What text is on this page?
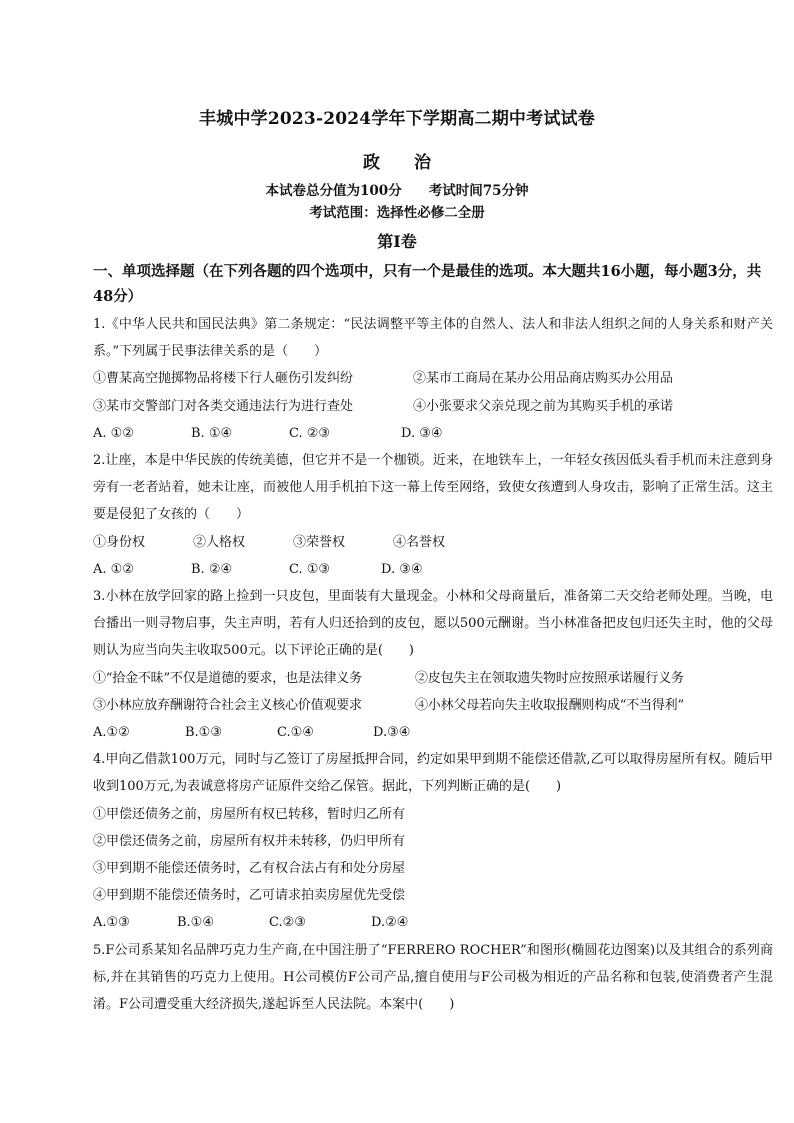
丰城中学2023-2024学年下学期高二期中考试试卷
政　　治
本试卷总分值为100分　　考试时间75分钟
考试范围：选择性必修二全册
第Ⅰ卷
一、单项选择题（在下列各题的四个选项中，只有一个是最佳的选项。本大题共16小题，每小题3分，共48分）
1.《中华人民共和国民法典》第二条规定：“民法调整平等主体的自然人、法人和非法人组织之间的人身关系和财产关系。”下列属于民事法律关系的是（　　）
①曹某高空抛掷物品将楼下行人砸伤引发纠纷	②某市工商局在某办公用品商店购买办公用品
③某市交警部门对各类交通违法行为进行查处	④小张要求父亲兑现之前为其购买手机的承诺
A. ①②	B. ①④	C. ②③	D. ③④
2.让座，本是中华民族的传统美德，但它并不是一个枷锁。近来，在地铁车上，一年轻女孩因低头看手机而未注意到身旁有一老者站着，她未让座，而被他人用手机拍下这一幕上传至网络，致使女孩遭到人身攻击，影响了正常生活。这主要是侵犯了女孩的（　　）
①身份权	②人格权	③荣誉权	④名誉权
A. ①②	B. ②④	C. ①③	D. ③④
3.小林在放学回家的路上捡到一只皮包，里面装有大量现金。小林和父母商量后，准备第二天交给老师处理。当晚，电台播出一则寻物启事，失主声明，若有人归还拾到的皮包，愿以500元酬谢。当小林准备把皮包归还失主时，他的父母则认为应当向失主收取500元。以下评论正确的是(　　)
①“拾金不昧”不仅是道德的要求，也是法律义务	②皮包失主在领取遗失物时应按照承诺履行义务
③小林应放弃酬谢符合社会主义核心价值观要求	④小林父母若向失主收取报酬则构成“不当得利”
A.①②	B.①③	C.①④	D.③④
4.甲向乙借款100万元，同时与乙签订了房屋抵押合同，约定如果甲到期不能偿还借款,乙可以取得房屋所有权。随后甲收到100万元,为表诚意将房产证原件交给乙保管。据此，下列判断正确的是(　　)
①甲偿还债务之前，房屋所有权已转移，暂时归乙所有
②甲偿还债务之前，房屋所有权并未转移，仍归甲所有
③甲到期不能偿还债务时，乙有权合法占有和处分房屋
④甲到期不能偿还债务时，乙可请求拍卖房屋优先受偿
A.①③	B.①④	C.②③	D.②④
5.F公司系某知名品牌巧克力生产商,在中国注册了“FERRERO ROCHER”和图形(椭圆花边图案)以及其组合的系列商标,并在其销售的巧克力上使用。H公司模仿F公司产品,擅自使用与F公司极为相近的产品名称和包装,使消费者产生混淆。F公司遭受重大经济损失,遂起诉至人民法院。本案中(　　)
